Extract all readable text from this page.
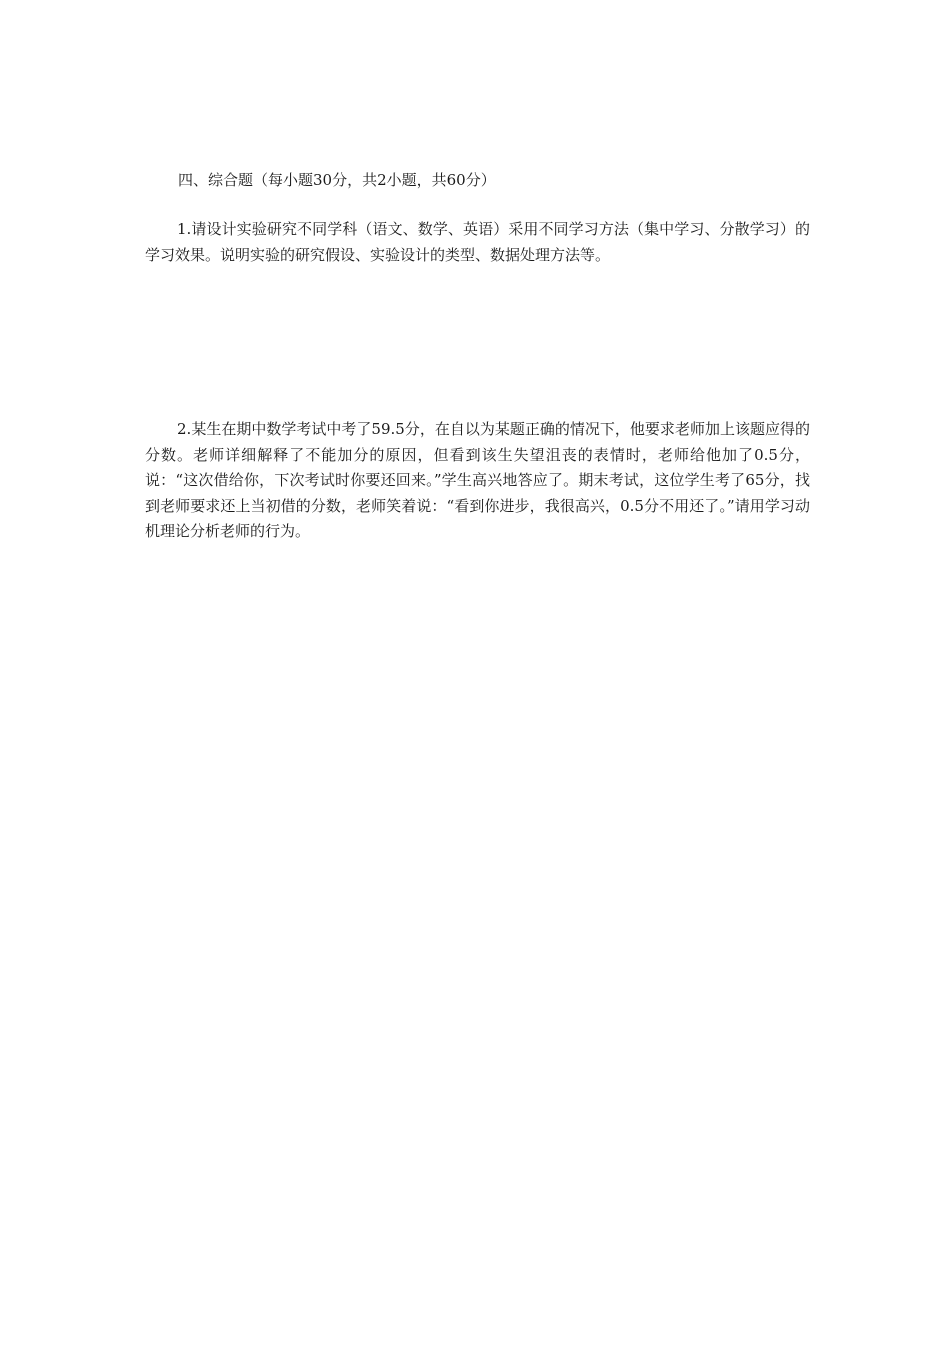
四、综合题（每小题30分，共2小题，共60分）

1.请设计实验研究不同学科（语文、数学、英语）采用不同学习方法（集中学习、分散学习）的学习效果。说明实验的研究假设、实验设计的类型、数据处理方法等。

2.某生在期中数学考试中考了59.5分，在自以为某题正确的情况下，他要求老师加上该题应得的分数。老师详细解释了不能加分的原因，但看到该生失望沮丧的表情时，老师给他加了0.5分，说：“这次借给你，下次考试时你要还回来。”学生高兴地答应了。期末考试，这位学生考了65分，找到老师要求还上当初借的分数，老师笑着说：“看到你进步，我很高兴，0.5分不用还了。”请用学习动机理论分析老师的行为。
